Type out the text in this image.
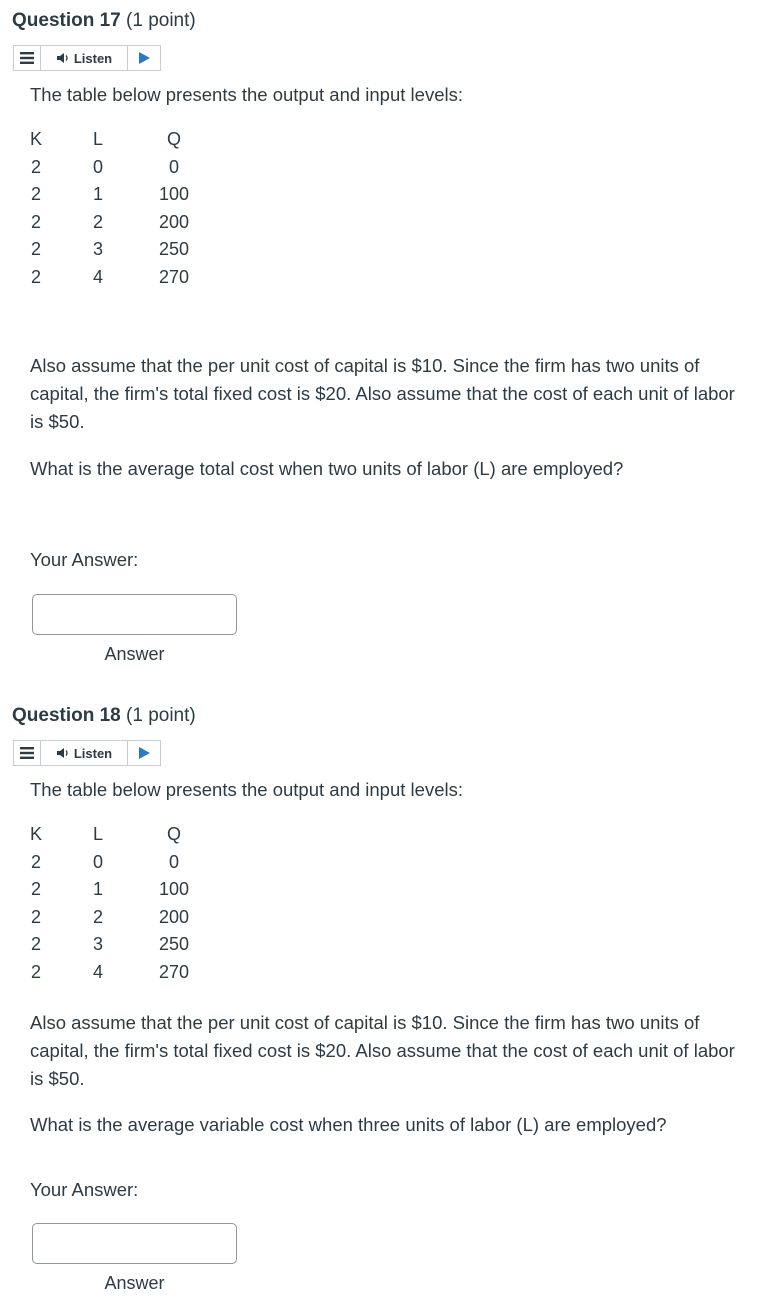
Question 17 (1 point)
Listen
The table below presents the output and input levels:
K	L	Q
2	0	0
2	1	100
2	2	200
2	3	250
2	4	270
Also assume that the per unit cost of capital is $10. Since the firm has two units of capital, the firm's total fixed cost is $20. Also assume that the cost of each unit of labor is $50.
What is the average total cost when two units of labor (L) are employed?
Your Answer:
Answer
Question 18 (1 point)
Listen
The table below presents the output and input levels:
K	L	Q
2	0	0
2	1	100
2	2	200
2	3	250
2	4	270
Also assume that the per unit cost of capital is $10. Since the firm has two units of capital, the firm's total fixed cost is $20. Also assume that the cost of each unit of labor is $50.
What is the average variable cost when three units of labor (L) are employed?
Your Answer:
Answer
